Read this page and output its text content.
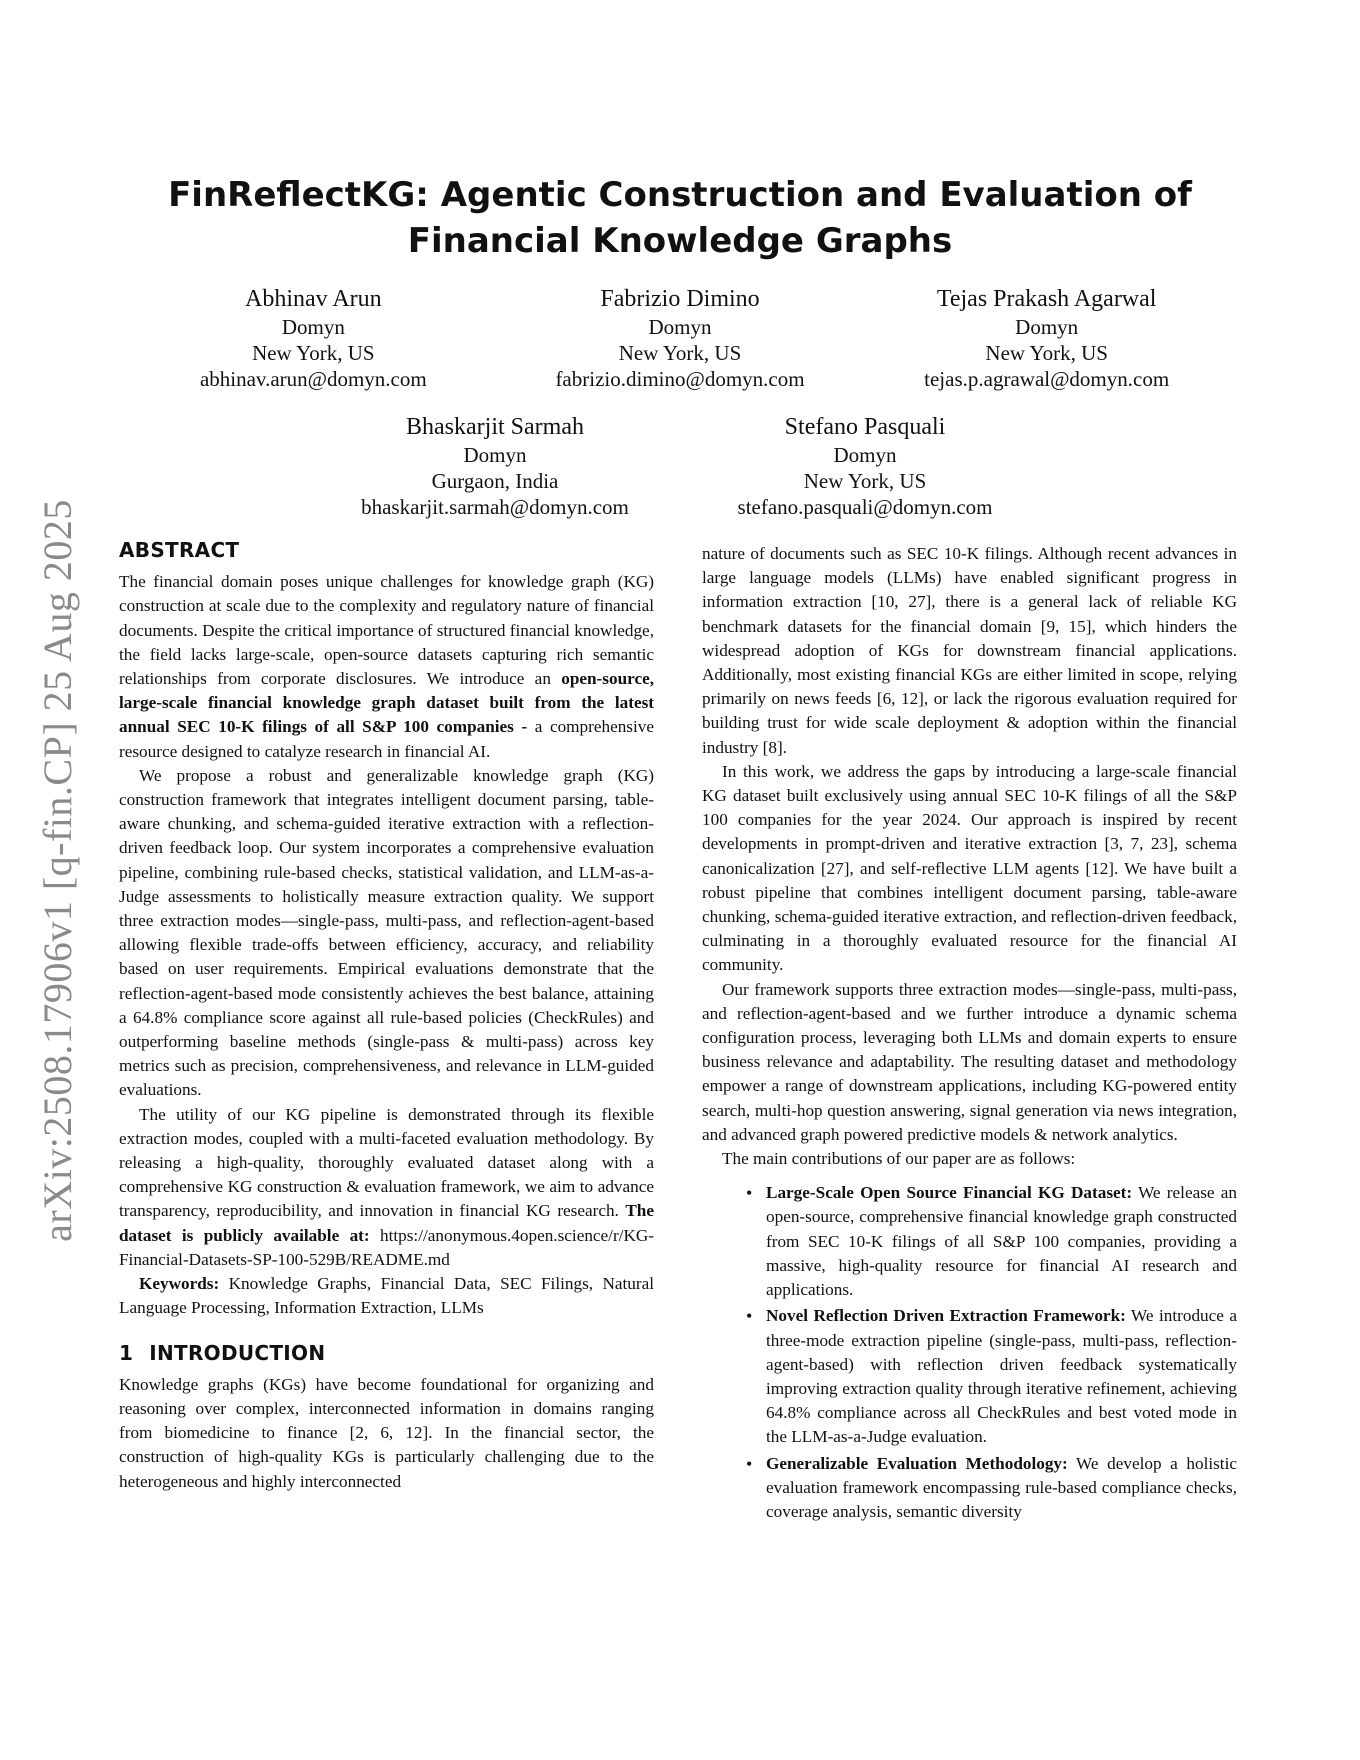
arXiv:2508.17906v1 [q-fin.CP] 25 Aug 2025
FinReflectKG: Agentic Construction and Evaluation of Financial Knowledge Graphs
Abhinav Arun
Domyn
New York, US
abhinav.arun@domyn.com
Fabrizio Dimino
Domyn
New York, US
fabrizio.dimino@domyn.com
Tejas Prakash Agarwal
Domyn
New York, US
tejas.p.agrawal@domyn.com
Bhaskarjit Sarmah
Domyn
Gurgaon, India
bhaskarjit.sarmah@domyn.com
Stefano Pasquali
Domyn
New York, US
stefano.pasquali@domyn.com
ABSTRACT

The financial domain poses unique challenges for knowledge graph (KG) construction at scale due to the complexity and regulatory nature of financial documents. Despite the critical importance of structured financial knowledge, the field lacks large-scale, open-source datasets capturing rich semantic relationships from corporate disclosures. We introduce an open-source, large-scale financial knowledge graph dataset built from the latest annual SEC 10-K filings of all S&P 100 companies - a comprehensive resource designed to catalyze research in financial AI.

We propose a robust and generalizable knowledge graph (KG) construction framework that integrates intelligent document parsing, table-aware chunking, and schema-guided iterative extraction with a reflection-driven feedback loop. Our system incorporates a comprehensive evaluation pipeline, combining rule-based checks, statistical validation, and LLM-as-a-Judge assessments to holistically measure extraction quality. We support three extraction modes—single-pass, multi-pass, and reflection-agent-based allowing flexible trade-offs between efficiency, accuracy, and reliability based on user requirements. Empirical evaluations demonstrate that the reflection-agent-based mode consistently achieves the best balance, attaining a 64.8% compliance score against all rule-based policies (CheckRules) and outperforming baseline methods (single-pass & multi-pass) across key metrics such as precision, comprehensiveness, and relevance in LLM-guided evaluations.

The utility of our KG pipeline is demonstrated through its flexible extraction modes, coupled with a multi-faceted evaluation methodology. By releasing a high-quality, thoroughly evaluated dataset along with a comprehensive KG construction & evaluation framework, we aim to advance transparency, reproducibility, and innovation in financial KG research. The dataset is publicly available at: https://anonymous.4open.science/r/KG-Financial-Datasets-SP-100-529B/README.md

Keywords: Knowledge Graphs, Financial Data, SEC Filings, Natural Language Processing, Information Extraction, LLMs

1 INTRODUCTION

Knowledge graphs (KGs) have become foundational for organizing and reasoning over complex, interconnected information in domains ranging from biomedicine to finance [2, 6, 12]. In the financial sector, the construction of high-quality KGs is particularly challenging due to the heterogeneous and highly interconnected

nature of documents such as SEC 10-K filings. Although recent advances in large language models (LLMs) have enabled significant progress in information extraction [10, 27], there is a general lack of reliable KG benchmark datasets for the financial domain [9, 15], which hinders the widespread adoption of KGs for downstream financial applications. Additionally, most existing financial KGs are either limited in scope, relying primarily on news feeds [6, 12], or lack the rigorous evaluation required for building trust for wide scale deployment & adoption within the financial industry [8].

In this work, we address the gaps by introducing a large-scale financial KG dataset built exclusively using annual SEC 10-K filings of all the S&P 100 companies for the year 2024. Our approach is inspired by recent developments in prompt-driven and iterative extraction [3, 7, 23], schema canonicalization [27], and self-reflective LLM agents [12]. We have built a robust pipeline that combines intelligent document parsing, table-aware chunking, schema-guided iterative extraction, and reflection-driven feedback, culminating in a thoroughly evaluated resource for the financial AI community.

Our framework supports three extraction modes—single-pass, multi-pass, and reflection-agent-based and we further introduce a dynamic schema configuration process, leveraging both LLMs and domain experts to ensure business relevance and adaptability. The resulting dataset and methodology empower a range of downstream applications, including KG-powered entity search, multi-hop question answering, signal generation via news integration, and advanced graph powered predictive models & network analytics.

The main contributions of our paper are as follows:

• Large-Scale Open Source Financial KG Dataset: We release an open-source, comprehensive financial knowledge graph constructed from SEC 10-K filings of all S&P 100 companies, providing a massive, high-quality resource for financial AI research and applications.
• Novel Reflection Driven Extraction Framework: We introduce a three-mode extraction pipeline (single-pass, multi-pass, reflection-agent-based) with reflection driven feedback systematically improving extraction quality through iterative refinement, achieving 64.8% compliance across all CheckRules and best voted mode in the LLM-as-a-Judge evaluation.
• Generalizable Evaluation Methodology: We develop a holistic evaluation framework encompassing rule-based compliance checks, coverage analysis, semantic diversity
